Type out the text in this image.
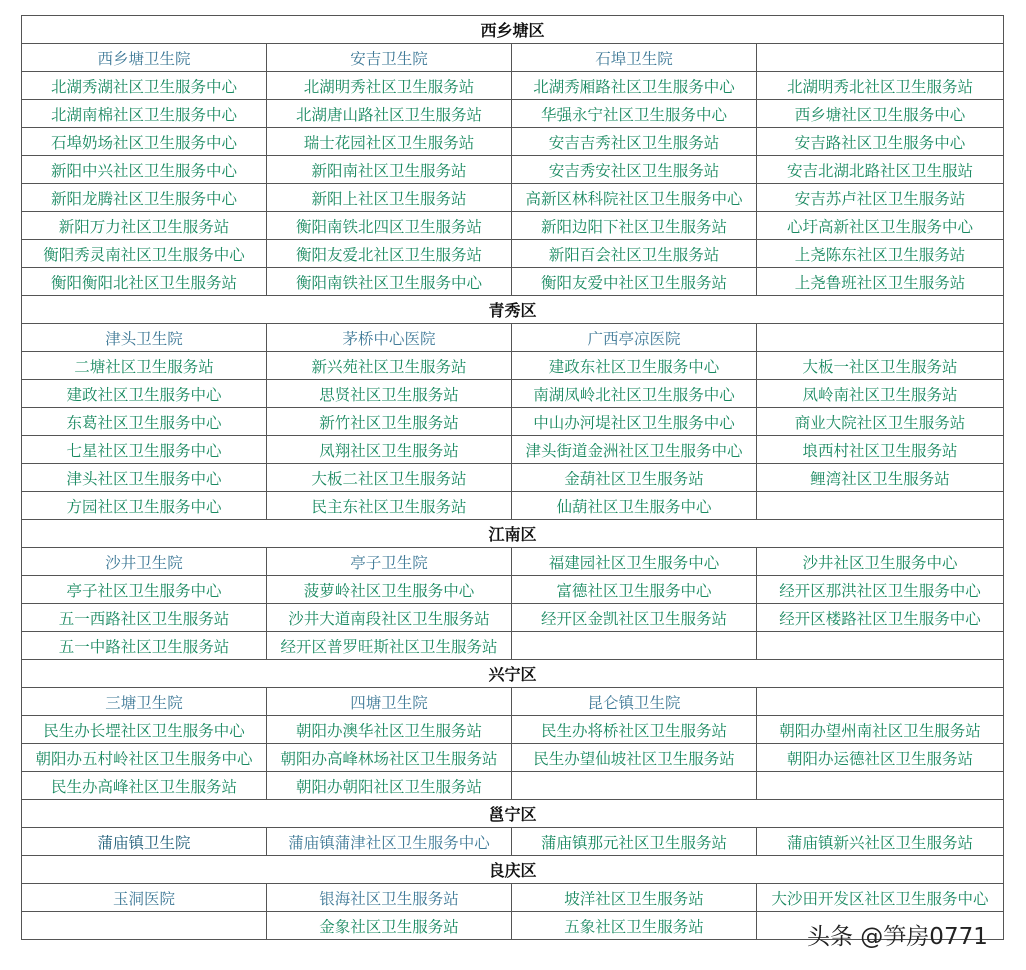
西乡塘区			
西乡塘卫生院	安吉卫生院	石埠卫生院	
北湖秀湖社区卫生服务中心	北湖明秀社区卫生服务站	北湖秀厢路社区卫生服务中心	北湖明秀北社区卫生服务站
北湖南棉社区卫生服务中心	北湖唐山路社区卫生服务站	华强永宁社区卫生服务中心	西乡塘社区卫生服务中心
石埠奶场社区卫生服务中心	瑞士花园社区卫生服务站	安吉吉秀社区卫生服务站	安吉路社区卫生服务中心
新阳中兴社区卫生服务中心	新阳南社区卫生服务站	安吉秀安社区卫生服务站	安吉北湖北路社区卫生服站
新阳龙腾社区卫生服务中心	新阳上社区卫生服务站	高新区林科院社区卫生服务中心	安吉苏卢社区卫生服务站
新阳万力社区卫生服务站	衡阳南铁北四区卫生服务站	新阳边阳下社区卫生服务站	心圩高新社区卫生服务中心
衡阳秀灵南社区卫生服务中心	衡阳友爱北社区卫生服务站	新阳百会社区卫生服务站	上尧陈东社区卫生服务站
衡阳衡阳北社区卫生服务站	衡阳南铁社区卫生服务中心	衡阳友爱中社区卫生服务站	上尧鲁班社区卫生服务站
青秀区			
津头卫生院	茅桥中心医院	广西亭凉医院	
二塘社区卫生服务站	新兴苑社区卫生服务站	建政东社区卫生服务中心	大板一社区卫生服务站
建政社区卫生服务中心	思贤社区卫生服务站	南湖凤岭北社区卫生服务中心	凤岭南社区卫生服务站
东葛社区卫生服务中心	新竹社区卫生服务站	中山办河堤社区卫生服务中心	商业大院社区卫生服务站
七星社区卫生服务中心	凤翔社区卫生服务站	津头街道金洲社区卫生服务中心	埌西村社区卫生服务站
津头社区卫生服务中心	大板二社区卫生服务站	金葫社区卫生服务站	鲤湾社区卫生服务站
方园社区卫生服务中心	民主东社区卫生服务站	仙葫社区卫生服务中心	
江南区			
沙井卫生院	亭子卫生院	福建园社区卫生服务中心	沙井社区卫生服务中心
亭子社区卫生服务中心	菠萝岭社区卫生服务中心	富德社区卫生服务中心	经开区那洪社区卫生服务中心
五一西路社区卫生服务站	沙井大道南段社区卫生服务站	经开区金凯社区卫生服务站	经开区楼路社区卫生服务中心
五一中路社区卫生服务站	经开区普罗旺斯社区卫生服务站		
兴宁区			
三塘卫生院	四塘卫生院	昆仑镇卫生院	
民生办长堽社区卫生服务中心	朝阳办澳华社区卫生服务站	民生办将桥社区卫生服务站	朝阳办望州南社区卫生服务站
朝阳办五村岭社区卫生服务中心	朝阳办高峰林场社区卫生服务站	民生办望仙坡社区卫生服务站	朝阳办运德社区卫生服务站
民生办高峰社区卫生服务站	朝阳办朝阳社区卫生服务站		
邕宁区			
蒲庙镇卫生院	蒲庙镇蒲津社区卫生服务中心	蒲庙镇那元社区卫生服务站	蒲庙镇新兴社区卫生服务站
良庆区			
玉洞医院	银海社区卫生服务站	坡洋社区卫生服务站	大沙田开发区社区卫生服务中心
	金象社区卫生服务站	五象社区卫生服务站		头条 @笋房0771
